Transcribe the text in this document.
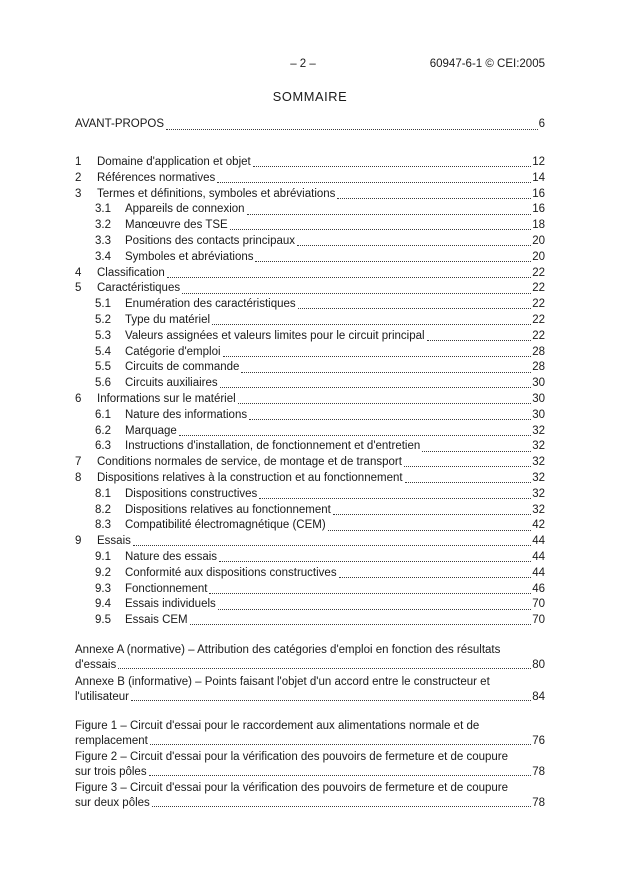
– 2 –	60947-6-1 © CEI:2005
SOMMAIRE
AVANT-PROPOS	6
1	Domaine d'application et objet	12
2	Références normatives	14
3	Termes et définitions, symboles et abréviations	16
3.1	Appareils de connexion	16
3.2	Manœuvre des TSE	18
3.3	Positions des contacts principaux	20
3.4	Symboles et abréviations	20
4	Classification	22
5	Caractéristiques	22
5.1	Enumération des caractéristiques	22
5.2	Type du matériel	22
5.3	Valeurs assignées et valeurs limites pour le circuit principal	22
5.4	Catégorie d'emploi	28
5.5	Circuits de commande	28
5.6	Circuits auxiliaires	30
6	Informations sur le matériel	30
6.1	Nature des informations	30
6.2	Marquage	32
6.3	Instructions d'installation, de fonctionnement et d'entretien	32
7	Conditions normales de service, de montage et de transport	32
8	Dispositions relatives à la construction et au fonctionnement	32
8.1	Dispositions constructives	32
8.2	Dispositions relatives au fonctionnement	32
8.3	Compatibilité électromagnétique (CEM)	42
9	Essais	44
9.1	Nature des essais	44
9.2	Conformité aux dispositions constructives	44
9.3	Fonctionnement	46
9.4	Essais individuels	70
9.5	Essais CEM	70
Annexe A (normative) – Attribution des catégories d'emploi en fonction des résultats
d'essais	80
Annexe B (informative) – Points faisant l'objet d'un accord entre le constructeur et
l'utilisateur	84
Figure 1 – Circuit d'essai pour le raccordement aux alimentations normale et de
remplacement	76
Figure 2 – Circuit d'essai pour la vérification des pouvoirs de fermeture et de coupure
sur trois pôles	78
Figure 3 – Circuit d'essai pour la vérification des pouvoirs de fermeture et de coupure
sur deux pôles	78
